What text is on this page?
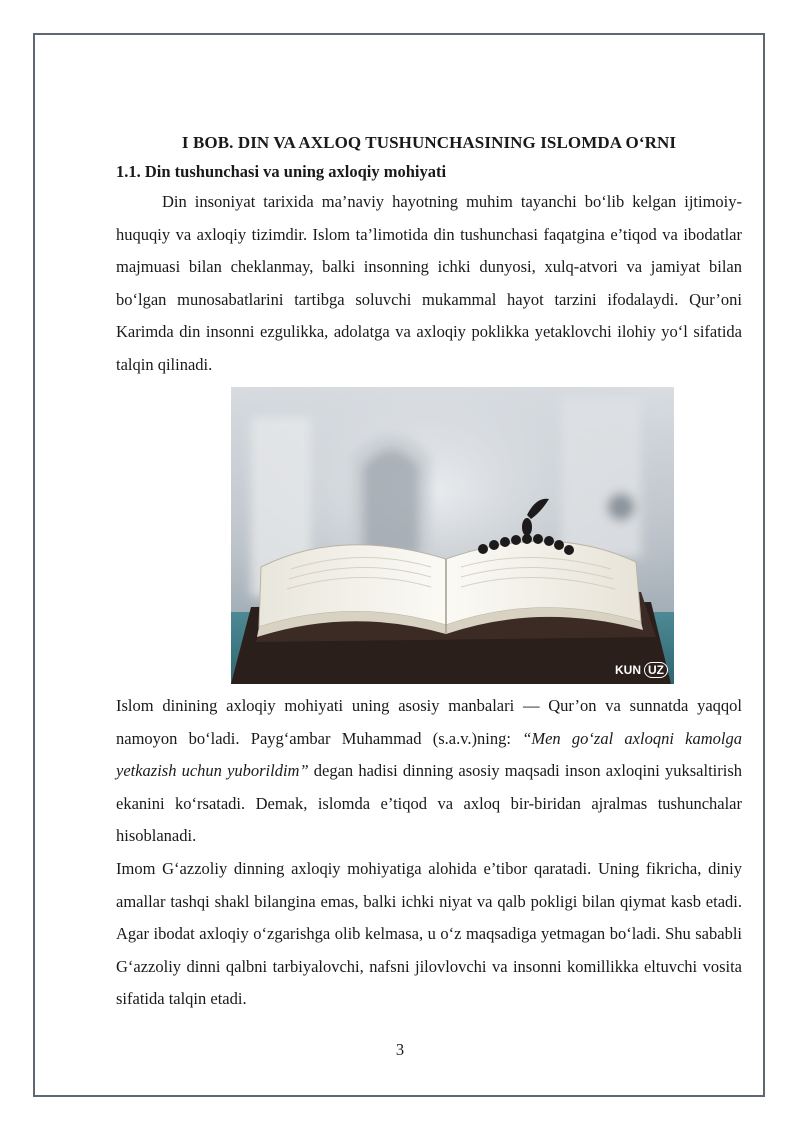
I BOB. DIN VA AXLOQ TUSHUNCHASINING ISLOMDA O‘RNI
1.1. Din tushunchasi va uning axloqiy mohiyati

Din insoniyat tarixida ma’naviy hayotning muhim tayanchi bo‘lib kelgan ijtimoiy-huquqiy va axloqiy tizimdir. Islom ta’limotida din tushunchasi faqatgina e’tiqod va ibodatlar majmuasi bilan cheklanmay, balki insonning ichki dunyosi, xulq-atvori va jamiyat bilan bo‘lgan munosabatlarini tartibga soluvchi mukammal hayot tarzini ifodalaydi. Qur’oni Karimda din insonni ezgulikka, adolatga va axloqiy poklikka yetaklovchi ilohiy yo‘l sifatida talqin qilinadi.

KUN UZ

Islom dinining axloqiy mohiyati uning asosiy manbalari — Qur’on va sunnatda yaqqol namoyon bo‘ladi. Payg‘ambar Muhammad (s.a.v.)ning: “Men go‘zal axloqni kamolga yetkazish uchun yuborildim” degan hadisi dinning asosiy maqsadi inson axloqini yuksaltirish ekanini ko‘rsatadi. Demak, islomda e’tiqod va axloq bir-biridan ajralmas tushunchalar hisoblanadi.

Imom G‘azzoliy dinning axloqiy mohiyatiga alohida e’tibor qaratadi. Uning fikricha, diniy amallar tashqi shakl bilangina emas, balki ichki niyat va qalb pokligi bilan qiymat kasb etadi. Agar ibodat axloqiy o‘zgarishga olib kelmasa, u o‘z maqsadiga yetmagan bo‘ladi. Shu sababli G‘azzoliy dinni qalbni tarbiyalovchi, nafsni jilovlovchi va insonni komillikka eltuvchi vosita sifatida talqin etadi.

3
